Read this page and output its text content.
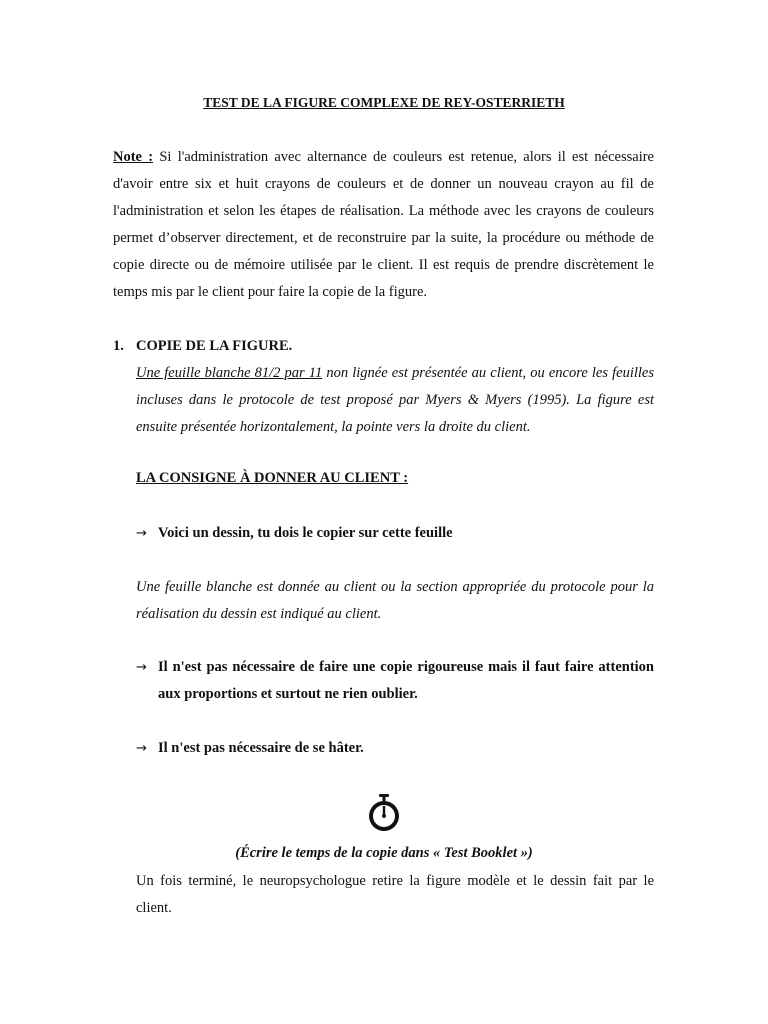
TEST DE LA FIGURE COMPLEXE DE REY-OSTERRIETH
Note : Si l'administration avec alternance de couleurs est retenue, alors il est nécessaire d'avoir entre six et huit crayons de couleurs et de donner un nouveau crayon au fil de l'administration et selon les étapes de réalisation. La méthode avec les crayons de couleurs permet d’observer directement, et de reconstruire par la suite, la procédure ou méthode de copie directe ou de mémoire utilisée par le client. Il est requis de prendre discrètement le temps mis par le client pour faire la copie de la figure.
1. COPIE DE LA FIGURE.
Une feuille blanche 81/2 par 11 non lignée est présentée au client, ou encore les feuilles incluses dans le protocole de test proposé par Myers & Myers (1995). La figure est ensuite présentée horizontalement, la pointe vers la droite du client.
LA CONSIGNE À DONNER AU CLIENT :
→ Voici un dessin, tu dois le copier sur cette feuille
Une feuille blanche est donnée au client ou la section appropriée du protocole pour la réalisation du dessin est indiqué au client.
→ Il n'est pas nécessaire de faire une copie rigoureuse mais il faut faire attention aux proportions et surtout ne rien oublier.
→ Il n'est pas nécessaire de se hâter.
(Écrire le temps de la copie dans « Test Booklet »)
Un fois terminé, le neuropsychologue retire la figure modèle et le dessin fait par le client.
